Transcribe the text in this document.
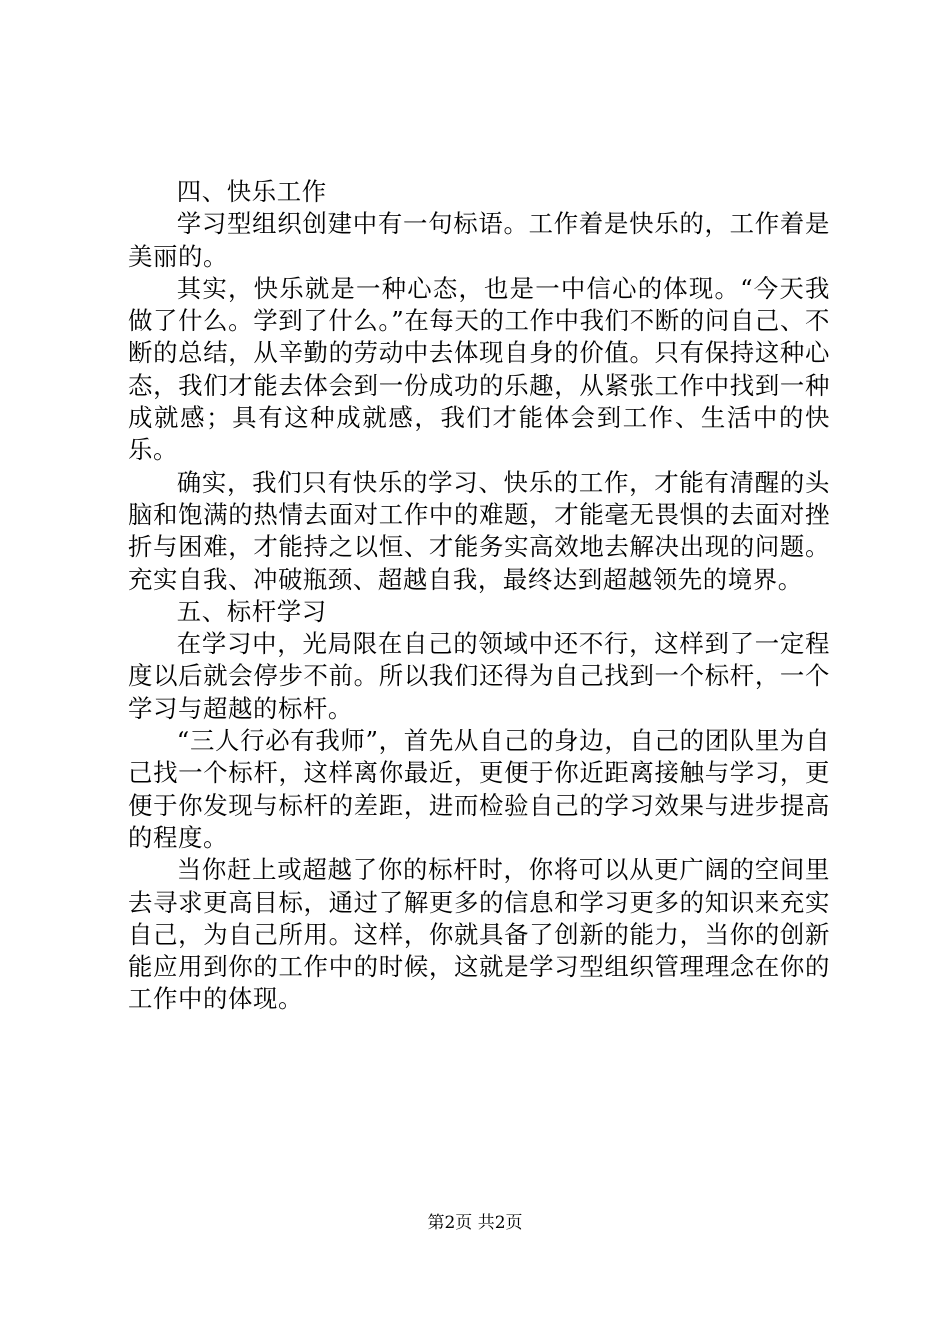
四、快乐工作

学习型组织创建中有一句标语。工作着是快乐的，工作着是美丽的。

其实，快乐就是一种心态，也是一中信心的体现。“今天我做了什么。学到了什么。”在每天的工作中我们不断的问自己、不断的总结，从辛勤的劳动中去体现自身的价值。只有保持这种心态，我们才能去体会到一份成功的乐趣，从紧张工作中找到一种成就感；具有这种成就感，我们才能体会到工作、生活中的快乐。

确实，我们只有快乐的学习、快乐的工作，才能有清醒的头脑和饱满的热情去面对工作中的难题，才能毫无畏惧的去面对挫折与困难，才能持之以恒、才能务实高效地去解决出现的问题。充实自我、冲破瓶颈、超越自我，最终达到超越领先的境界。

五、标杆学习

在学习中，光局限在自己的领域中还不行，这样到了一定程度以后就会停步不前。所以我们还得为自己找到一个标杆，一个学习与超越的标杆。

“三人行必有我师”，首先从自己的身边，自己的团队里为自己找一个标杆，这样离你最近，更便于你近距离接触与学习，更便于你发现与标杆的差距，进而检验自己的学习效果与进步提高的程度。

当你赶上或超越了你的标杆时，你将可以从更广阔的空间里去寻求更高目标，通过了解更多的信息和学习更多的知识来充实自己，为自己所用。这样，你就具备了创新的能力，当你的创新能应用到你的工作中的时候，这就是学习型组织管理理念在你的工作中的体现。

第2页 共2页
